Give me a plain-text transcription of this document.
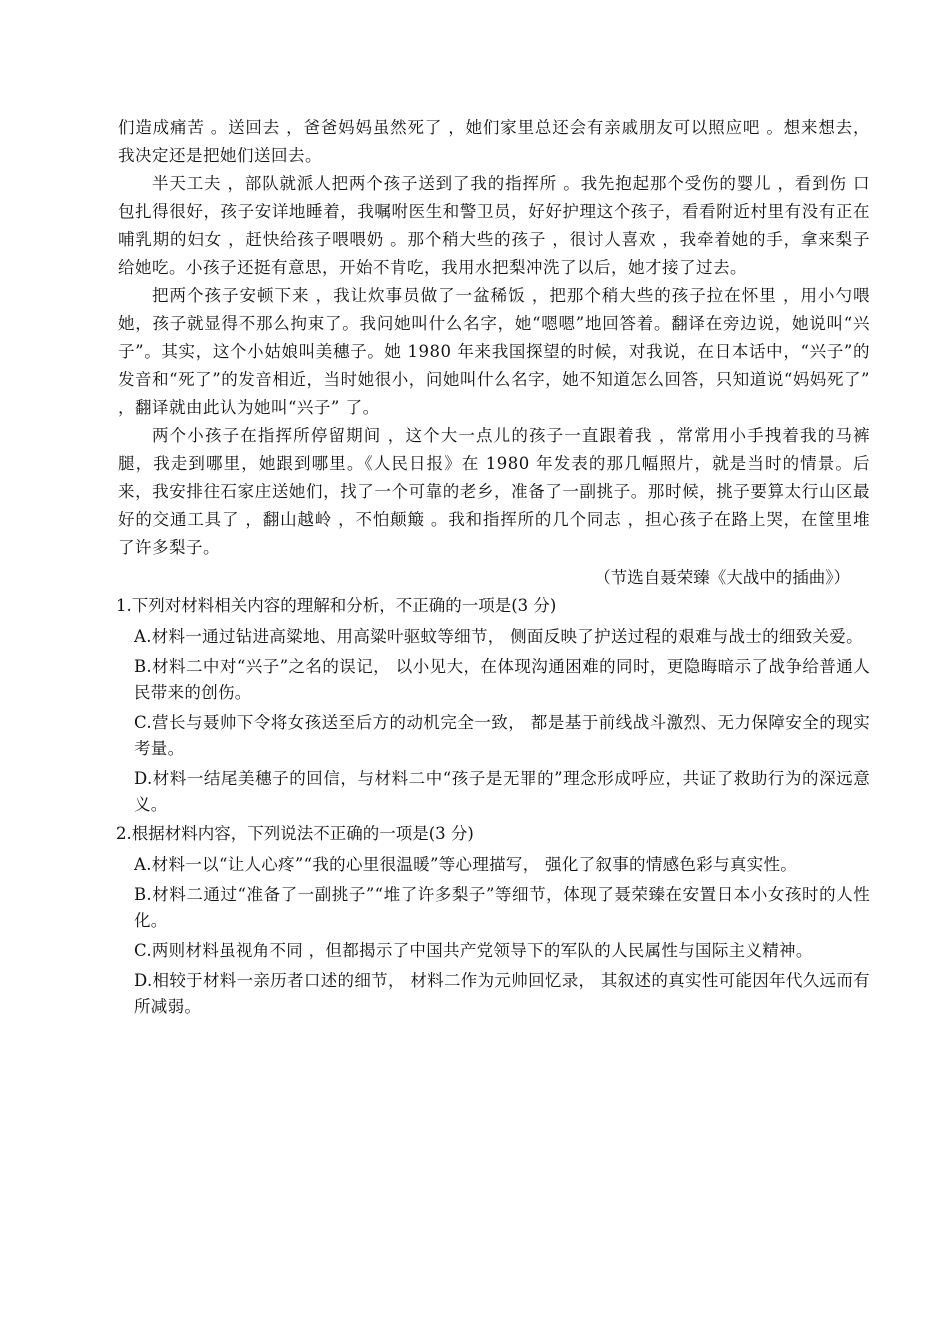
们造成痛苦 。送回去 ，爸爸妈妈虽然死了 ，她们家里总还会有亲戚朋友可以照应吧 。想来想去，我决定还是把她们送回去。

半天工夫 ，部队就派人把两个孩子送到了我的指挥所 。我先抱起那个受伤的婴儿 ，看到伤 口 包扎得很好，孩子安详地睡着，我嘱咐医生和警卫员，好好护理这个孩子，看看附近村里有没有正在哺乳期的妇女 ，赶快给孩子喂喂奶 。那个稍大些的孩子 ，很讨人喜欢 ，我牵着她的手，拿来梨子给她吃。小孩子还挺有意思，开始不肯吃，我用水把梨冲洗了以后，她才接了过去。

把两个孩子安顿下来 ，我让炊事员做了一盆稀饭 ，把那个稍大些的孩子拉在怀里 ，用小勺喂她，孩子就显得不那么拘束了。我问她叫什么名字，她“嗯嗯”地回答着。翻译在旁边说，她说叫“兴子”。其实，这个小姑娘叫美穗子。她 1980 年来我国探望的时候，对我说，在日本话中，“兴子”的发音和“死了”的发音相近，当时她很小，问她叫什么名字，她不知道怎么回答，只知道说“妈妈死了” ，翻译就由此认为她叫“兴子” 了。

两个小孩子在指挥所停留期间 ，这个大一点儿的孩子一直跟着我 ，常常用小手拽着我的马裤腿，我走到哪里，她跟到哪里。《人民日报》在 1980 年发表的那几幅照片，就是当时的情景。后来，我安排往石家庄送她们，找了一个可靠的老乡，准备了一副挑子。那时候，挑子要算太行山区最好的交通工具了 ，翻山越岭 ，不怕颠簸 。我和指挥所的几个同志 ，担心孩子在路上哭，在筐里堆了许多梨子。

（节选自聂荣臻《大战中的插曲》）

1.下列对材料相关内容的理解和分析，不正确的一项是(3 分)

A.材料一通过钻进高粱地、用高粱叶驱蚊等细节， 侧面反映了护送过程的艰难与战士的细致关爱。

B.材料二中对“兴子”之名的误记， 以小见大，在体现沟通困难的同时，更隐晦暗示了战争给普通人民带来的创伤。

C.营长与聂帅下令将女孩送至后方的动机完全一致， 都是基于前线战斗激烈、无力保障安全的现实考量。

D.材料一结尾美穗子的回信，与材料二中“孩子是无罪的”理念形成呼应，共证了救助行为的深远意义。

2.根据材料内容，下列说法不正确的一项是(3 分)

A.材料一以“让人心疼”“我的心里很温暖”等心理描写， 强化了叙事的情感色彩与真实性。

B.材料二通过“准备了一副挑子”“堆了许多梨子”等细节，体现了聂荣臻在安置日本小女孩时的人性化。

C.两则材料虽视角不同 ，但都揭示了中国共产党领导下的军队的人民属性与国际主义精神。

D.相较于材料一亲历者口述的细节， 材料二作为元帅回忆录， 其叙述的真实性可能因年代久远而有所减弱。
